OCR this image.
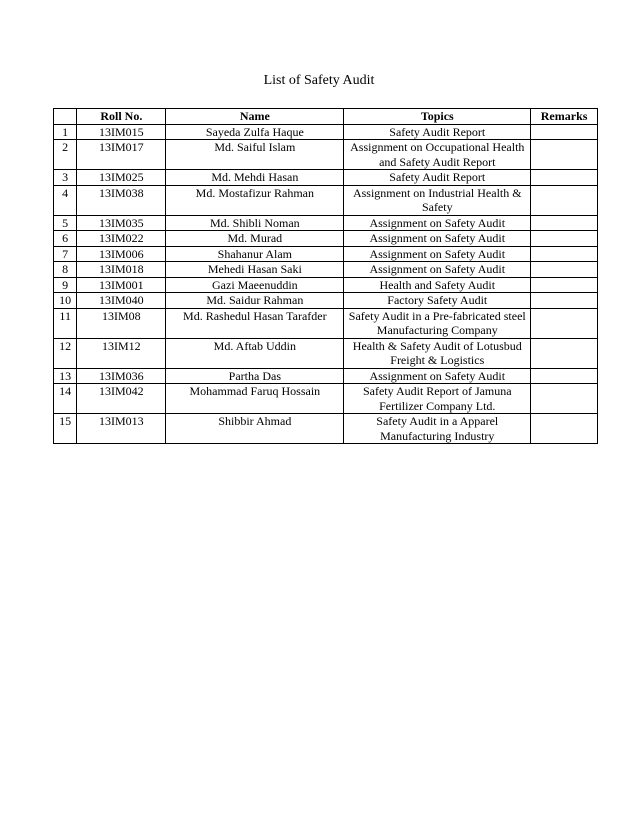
List of Safety Audit
	Roll No.	Name	Topics	Remarks
1	13IM015	Sayeda Zulfa Haque	Safety Audit Report	
2	13IM017	Md. Saiful Islam	Assignment on Occupational Health and Safety Audit Report	
3	13IM025	Md. Mehdi Hasan	Safety Audit Report	
4	13IM038	Md. Mostafizur Rahman	Assignment on Industrial Health & Safety	
5	13IM035	Md. Shibli Noman	Assignment on Safety Audit	
6	13IM022	Md. Murad	Assignment on Safety Audit	
7	13IM006	Shahanur Alam	Assignment on Safety Audit	
8	13IM018	Mehedi Hasan Saki	Assignment on Safety Audit	
9	13IM001	Gazi Maeenuddin	Health and Safety Audit	
10	13IM040	Md. Saidur Rahman	Factory Safety Audit	
11	13IM08	Md. Rashedul Hasan Tarafder	Safety Audit in a Pre-fabricated steel Manufacturing Company	
12	13IM12	Md. Aftab Uddin	Health & Safety Audit of Lotusbud Freight & Logistics	
13	13IM036	Partha Das	Assignment on Safety Audit	
14	13IM042	Mohammad Faruq Hossain	Safety Audit Report of Jamuna Fertilizer Company Ltd.	
15	13IM013	Shibbir Ahmad	Safety Audit in a Apparel Manufacturing Industry	
